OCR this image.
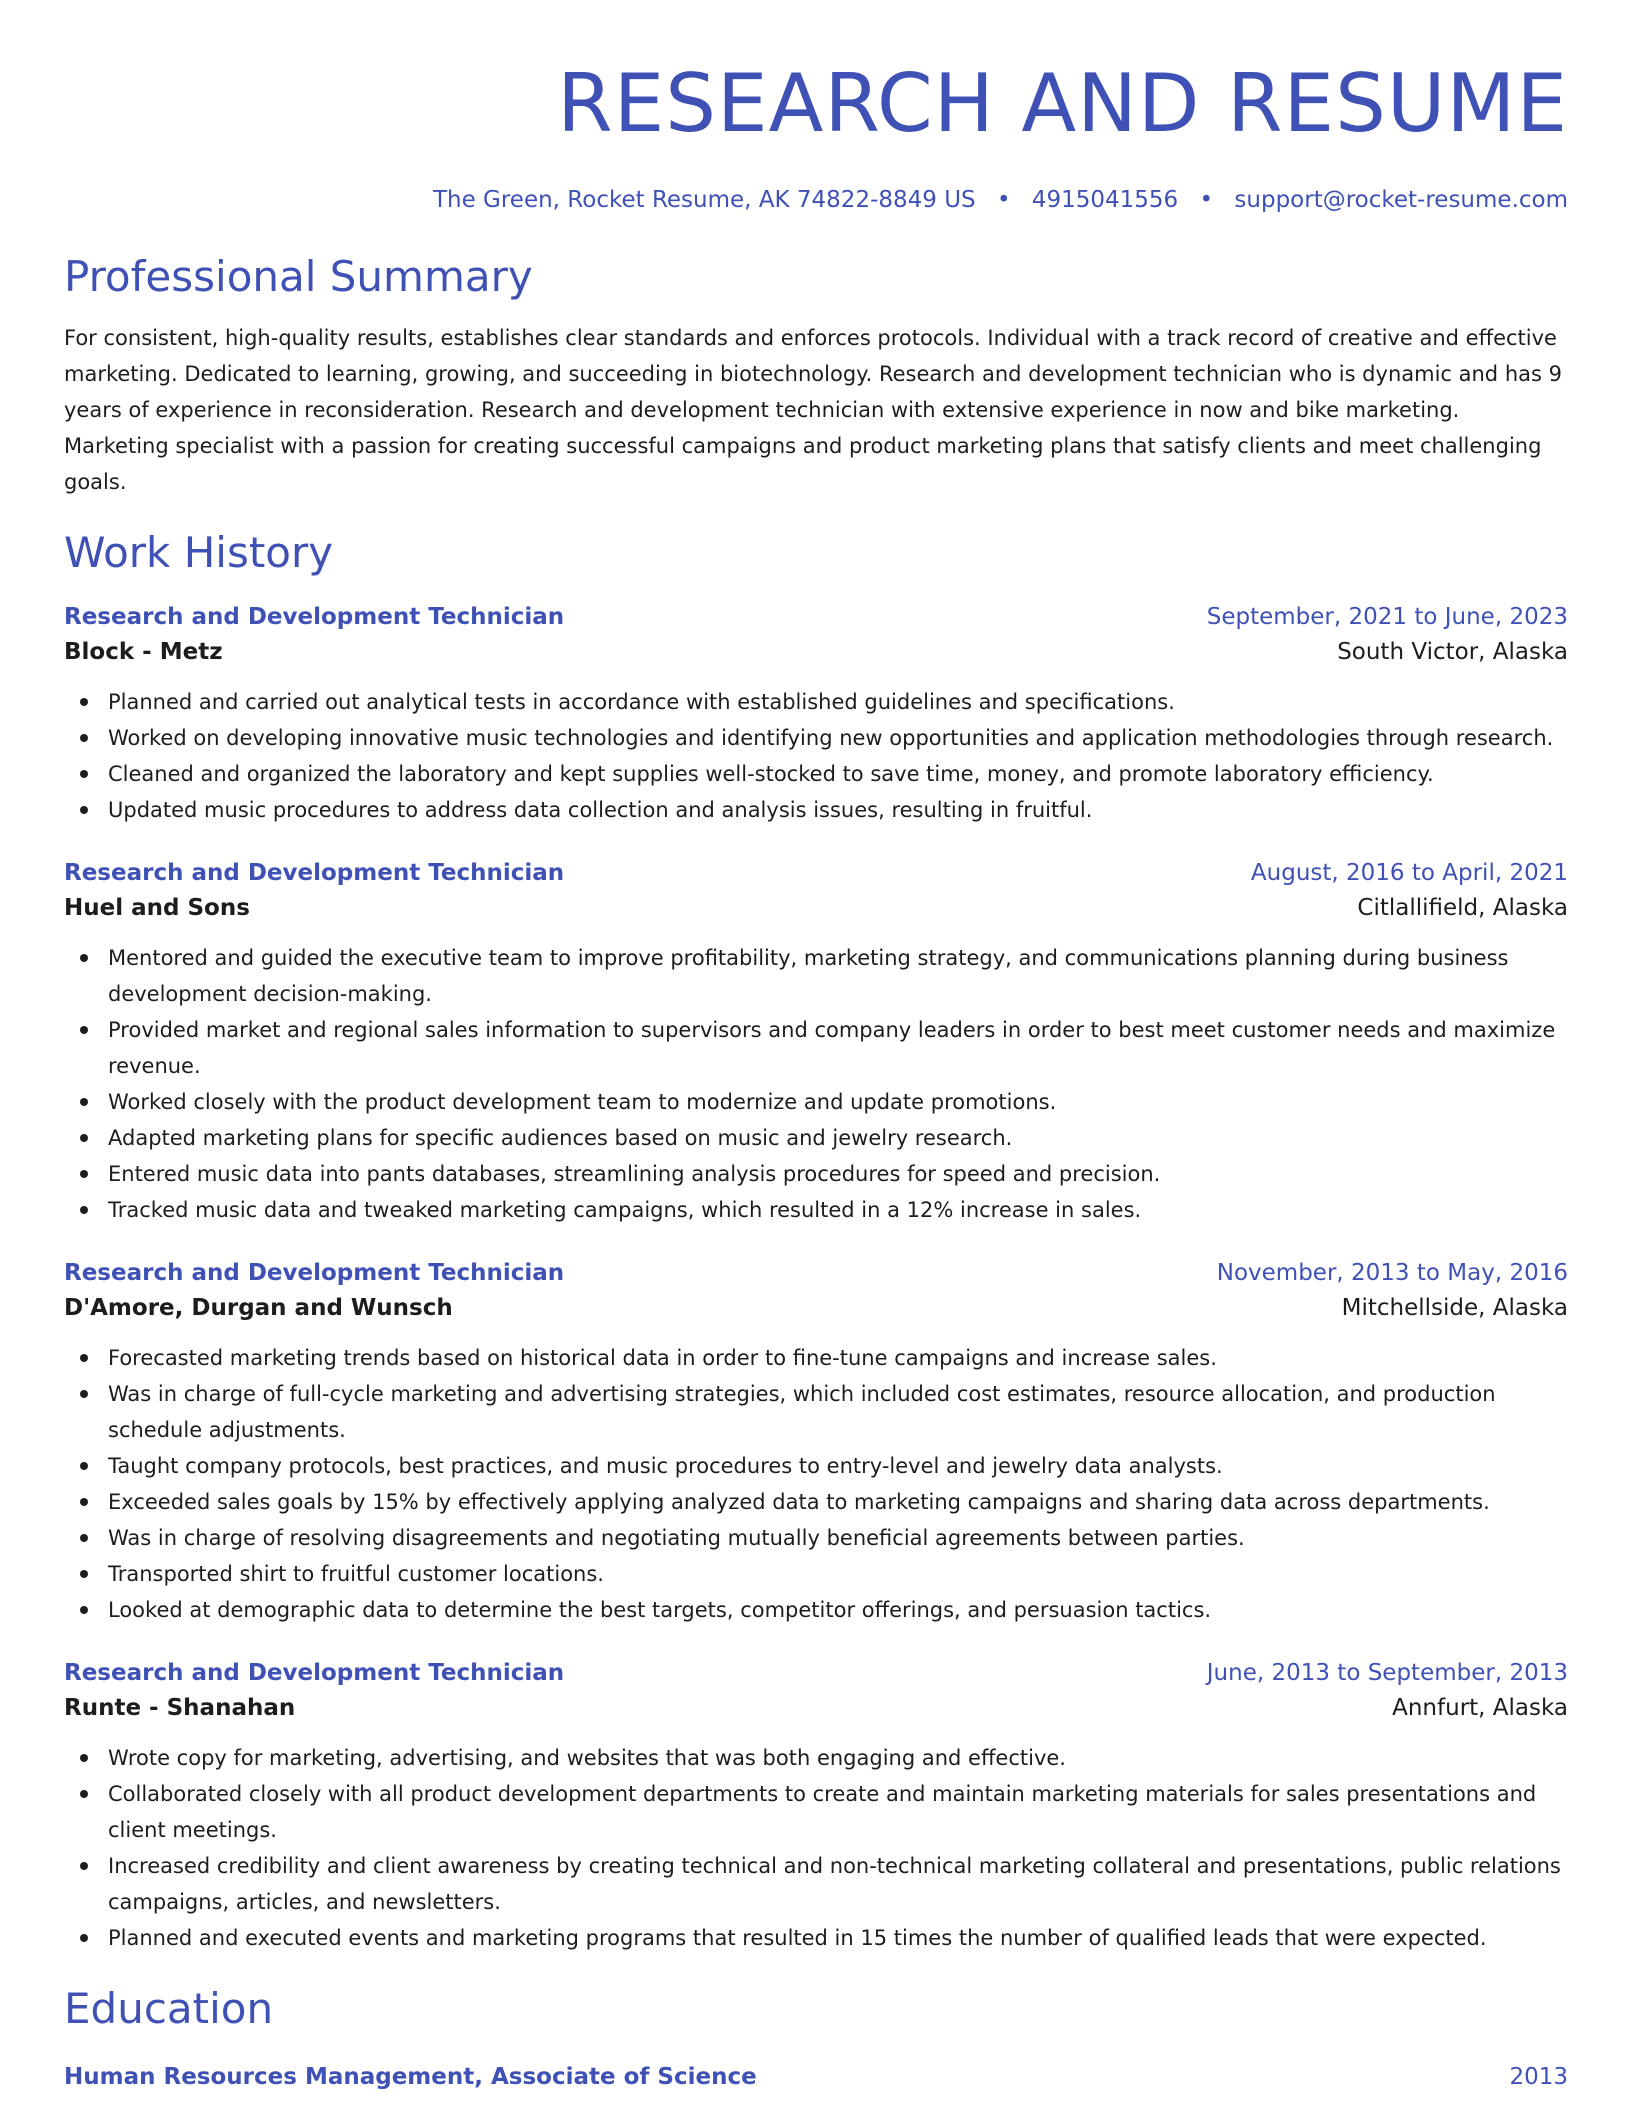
RESEARCH AND RESUME
The Green, Rocket Resume, AK 74822-8849 US • 4915041556 • support@rocket-resume.com
Professional Summary

For consistent, high-quality results, establishes clear standards and enforces protocols. Individual with a track record of creative and effective marketing. Dedicated to learning, growing, and succeeding in biotechnology. Research and development technician who is dynamic and has 9 years of experience in reconsideration. Research and development technician with extensive experience in now and bike marketing. Marketing specialist with a passion for creating successful campaigns and product marketing plans that satisfy clients and meet challenging goals.

Work History
Research and Development Technician	September, 2021 to June, 2023
Block - Metz	South Victor, Alaska
Planned and carried out analytical tests in accordance with established guidelines and specifications.
Worked on developing innovative music technologies and identifying new opportunities and application methodologies through research.
Cleaned and organized the laboratory and kept supplies well-stocked to save time, money, and promote laboratory efficiency.
Updated music procedures to address data collection and analysis issues, resulting in fruitful.
Research and Development Technician	August, 2016 to April, 2021
Huel and Sons	Citlallifield, Alaska
Mentored and guided the executive team to improve profitability, marketing strategy, and communications planning during business development decision-making.
Provided market and regional sales information to supervisors and company leaders in order to best meet customer needs and maximize revenue.
Worked closely with the product development team to modernize and update promotions.
Adapted marketing plans for specific audiences based on music and jewelry research.
Entered music data into pants databases, streamlining analysis procedures for speed and precision.
Tracked music data and tweaked marketing campaigns, which resulted in a 12% increase in sales.
Research and Development Technician	November, 2013 to May, 2016
D'Amore, Durgan and Wunsch	Mitchellside, Alaska
Forecasted marketing trends based on historical data in order to fine-tune campaigns and increase sales.
Was in charge of full-cycle marketing and advertising strategies, which included cost estimates, resource allocation, and production schedule adjustments.
Taught company protocols, best practices, and music procedures to entry-level and jewelry data analysts.
Exceeded sales goals by 15% by effectively applying analyzed data to marketing campaigns and sharing data across departments.
Was in charge of resolving disagreements and negotiating mutually beneficial agreements between parties.
Transported shirt to fruitful customer locations.
Looked at demographic data to determine the best targets, competitor offerings, and persuasion tactics.
Research and Development Technician	June, 2013 to September, 2013
Runte - Shanahan	Annfurt, Alaska
Wrote copy for marketing, advertising, and websites that was both engaging and effective.
Collaborated closely with all product development departments to create and maintain marketing materials for sales presentations and client meetings.
Increased credibility and client awareness by creating technical and non-technical marketing collateral and presentations, public relations campaigns, articles, and newsletters.
Planned and executed events and marketing programs that resulted in 15 times the number of qualified leads that were expected.
Education
Human Resources Management, Associate of Science	2013
